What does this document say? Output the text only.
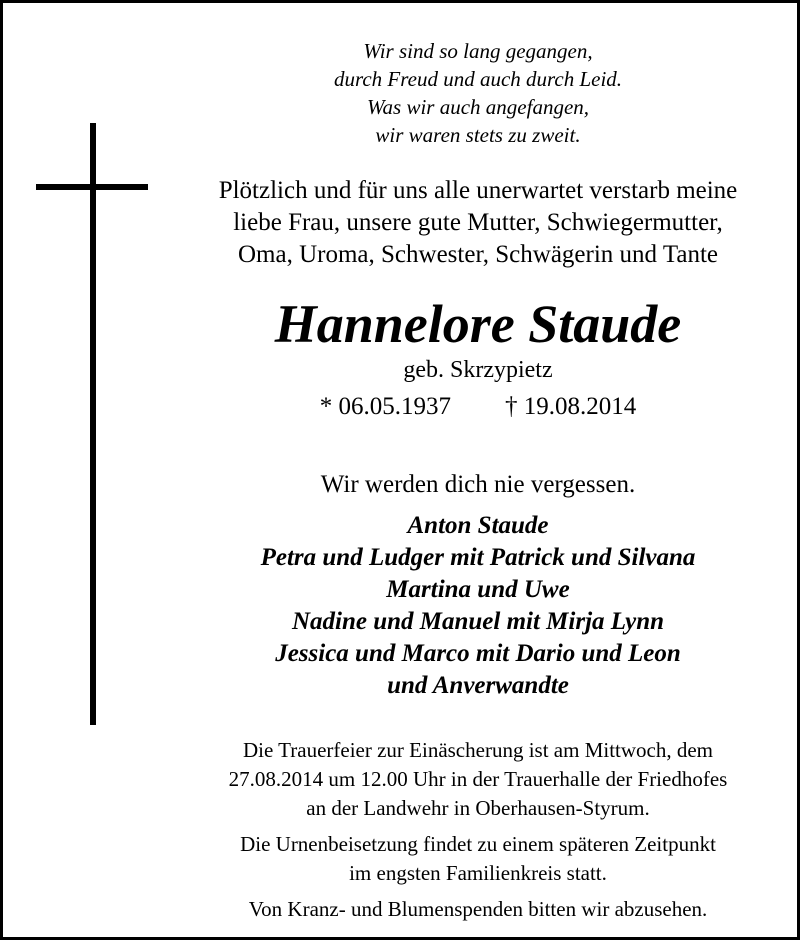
Wir sind so lang gegangen,
durch Freud und auch durch Leid.
Was wir auch angefangen,
wir waren stets zu zweit.
Plötzlich und für uns alle unerwartet verstarb meine
liebe Frau, unsere gute Mutter, Schwiegermutter,
Oma, Uroma, Schwester, Schwägerin und Tante
Hannelore Staude
geb. Skrzypietz
* 06.05.1937 † 19.08.2014
Wir werden dich nie vergessen.
Anton Staude
Petra und Ludger mit Patrick und Silvana
Martina und Uwe
Nadine und Manuel mit Mirja Lynn
Jessica und Marco mit Dario und Leon
und Anverwandte
Die Trauerfeier zur Einäscherung ist am Mittwoch, dem
27.08.2014 um 12.00 Uhr in der Trauerhalle der Friedhofes
an der Landwehr in Oberhausen-Styrum.
Die Urnenbeisetzung findet zu einem späteren Zeitpunkt
im engsten Familienkreis statt.
Von Kranz- und Blumenspenden bitten wir abzusehen.
